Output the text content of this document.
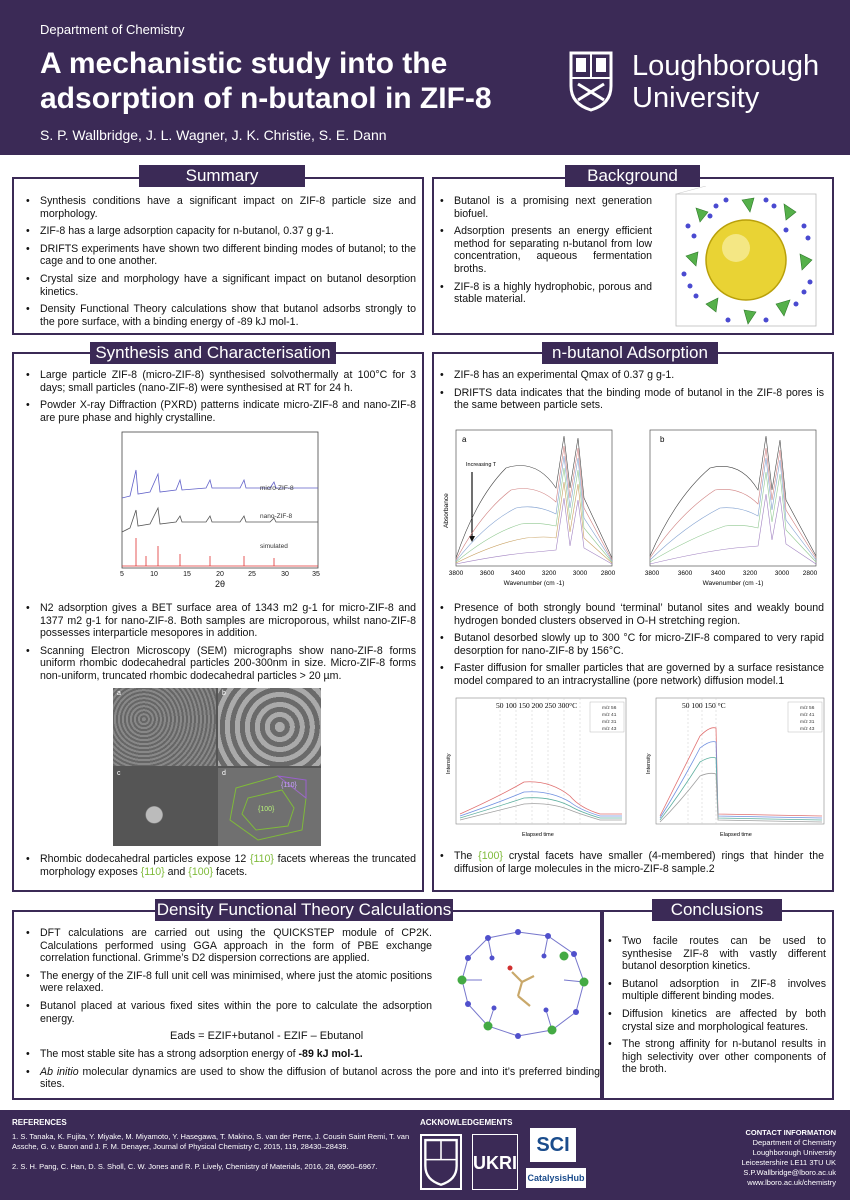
Department of Chemistry
A mechanistic study into the adsorption of n-butanol in ZIF-8
S. P. Wallbridge, J. L. Wagner, J. K. Christie, S. E. Dann
Loughborough University
Summary
• Synthesis conditions have a significant impact on ZIF-8 particle size and morphology.
• ZIF-8 has a large adsorption capacity for n-butanol, 0.37 g g-1.
• DRIFTS experiments have shown two different binding modes of butanol; to the cage and to one another.
• Crystal size and morphology have a significant impact on butanol desorption kinetics.
• Density Functional Theory calculations show that butanol adsorbs strongly to the pore surface, with a binding energy of -89 kJ mol-1.
Background
• Butanol is a promising next generation biofuel.
• Adsorption presents an energy efficient method for separating n-butanol from low concentration, aqueous fermentation broths.
• ZIF-8 is a highly hydrophobic, porous and stable material.
Synthesis and Characterisation
• Large particle ZIF-8 (micro-ZIF-8) synthesised solvothermally at 100°C for 3 days; small particles (nano-ZIF-8) were synthesised at RT for 24 h.
• Powder X-ray Diffraction (PXRD) patterns indicate micro-ZIF-8 and nano-ZIF-8 are pure phase and highly crystalline.
micro-ZIF-8
nano-ZIF-8
simulated
5	10	15	20	25	30	35
2θ
• N2 adsorption gives a BET surface area of 1343 m2 g-1 for micro-ZIF-8 and 1377 m2 g-1 for nano-ZIF-8. Both samples are microporous, whilst nano-ZIF-8 possesses interparticle mesopores in addition.
• Scanning Electron Microscopy (SEM) micrographs show nano-ZIF-8 forms uniform rhombic dodecahedral particles 200-300nm in size. Micro-ZIF-8 forms non-uniform, truncated rhombic dodecahedral particles > 20 µm.
a	b
c	d
{110}
{100}
• Rhombic dodecahedral particles expose 12 {110} facets whereas the truncated morphology exposes {110} and {100} facets.
n-butanol Adsorption
• ZIF-8 has an experimental Qmax of 0.37 g g-1.
• DRIFTS data indicates that the binding mode of butanol in the ZIF-8 pores is the same between particle sets.
a
Increasing T
Absorbance
3800	3600	3400	3200	3000 2800
Wavenumber (cm -1)
b
3800	3600	3400	3200	3000 2800
Wavenumber (cm -1)
• Presence of both strongly bound ‘terminal’ butanol sites and weakly bound hydrogen bonded clusters observed in O-H stretching region.
• Butanol desorbed slowly up to 300 °C for micro-ZIF-8 compared to very rapid desorption for nano-ZIF-8 by 156°C.
• Faster diffusion for smaller particles that are governed by a surface resistance model compared to an intracrystalline (pore network) diffusion model.1
50 100 150 200 250 300°C	m/z 56
m/z 41
m/z 31
m/z 43
Intensity
Elapsed time
50 100 150 °C	m/z 56
m/z 41
m/z 31
m/z 43
Intensity
Elapsed time
• The {100} crystal facets have smaller (4-membered) rings that hinder the diffusion of large molecules in the micro-ZIF-8 sample.2
Density Functional Theory Calculations
• DFT calculations are carried out using the QUICKSTEP module of CP2K. Calculations performed using GGA approach in the form of PBE exchange correlation functional. Grimme’s D2 dispersion corrections are applied.
• The energy of the ZIF-8 full unit cell was minimised, where just the atomic positions were relaxed.
• Butanol placed at various fixed sites within the pore to calculate the adsorption energy.
Eads = EZIF+butanol - EZIF – Ebutanol
• The most stable site has a strong adsorption energy of -89 kJ mol-1.
• Ab initio molecular dynamics are used to show the diffusion of butanol across the pore and into it’s preferred binding sites.
Conclusions
• Two facile routes can be used to synthesise ZIF-8 with vastly different butanol desorption kinetics.
• Butanol adsorption in ZIF-8 involves multiple different binding modes.
• Diffusion kinetics are affected by both crystal size and morphological features.
• The strong affinity for n-butanol results in high selectivity over other components of the broth.
REFERENCES
1. S. Tanaka, K. Fujita, Y. Miyake, M. Miyamoto, Y. Hasegawa, T. Makino, S. van der Perre, J. Cousin Saint Remi, T. van Assche, G. v. Baron and J. F. M. Denayer, Journal of Physical Chemistry C, 2015, 119, 28430–28439.
2. S. H. Pang, C. Han, D. S. Sholl, C. W. Jones and R. P. Lively, Chemistry of Materials, 2016, 28, 6960–6967.
ACKNOWLEDGEMENTS
UKRI
SCI
CatalysisHub
CONTACT INFORMATION
Department of Chemistry
Loughborough University
Leicestershire LE11 3TU UK
S.P.Wallbridge@lboro.ac.uk
www.lboro.ac.uk/chemistry
